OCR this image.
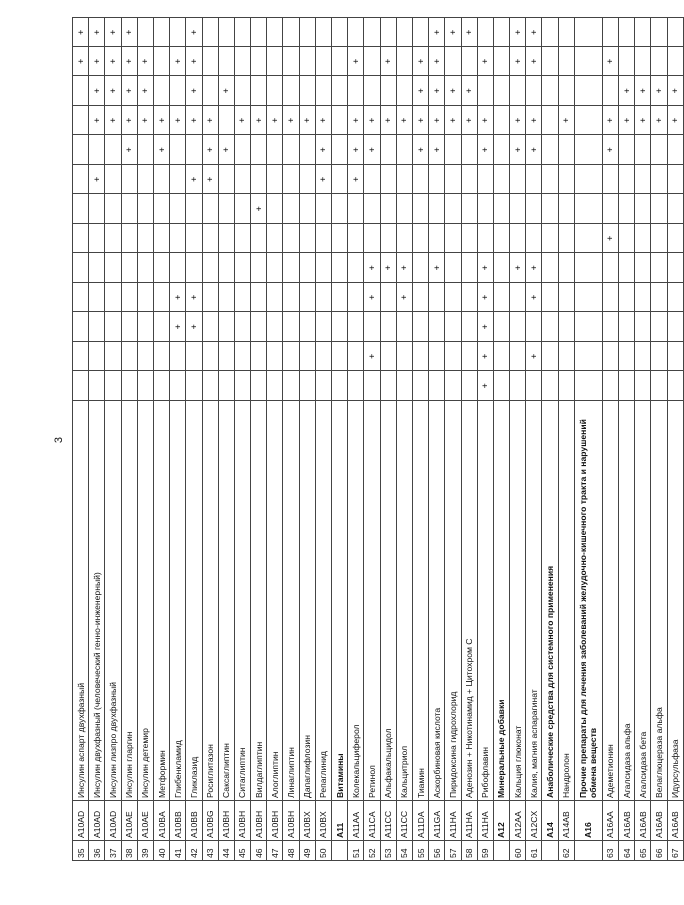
3
35	A10AD	Инсулин аспарт двухфазный												+	+
36	A10AD	Инсулин двухфазный (человеческий генно-инженерный)								+		+	+	+	+
37	A10AD	Инсулин лизпро двухфазный										+	+	+	+
38	A10AE	Инсулин гларгин									+	+	+	+	+
39	A10AE	Инсулин детемир										+	+	+	
40	A10BA	Метформин									+	+			
41	A10BB	Глибенкламид			+	+						+		+	
42	A10BB	Гликлазид			+	+				+		+	+	+	+
43	A10BG	Росиглитазон								+	+	+			
44	A10BH	Саксаглиптин									+		+		
45	A10BH	Ситаглиптин										+			
46	A10BH	Вилдаглиптин							+			+			
47	A10BH	Алоглиптин										+			
48	A10BH	Линаглиптин										+			
49	A10BX	Дапаглифлозин										+			
50	A10BX	Репаглинид								+	+	+			
	A11	Витамины													
51	A11AA	Колекальциферол								+	+	+		+	
52	A11CA	Ретинол		+		+	+				+	+			
53	A11CC	Альфакальцидол					+					+		+	
54	A11CC	Кальцитриол				+	+					+			
55	A11DA	Тиамин									+	+	+	+	
56	A11GA	Аскорбиновая кислота					+				+	+	+	+	+
57	A11HA	Пиридоксина гидрохлорид										+	+		+
58	A11HA	Аденозин + Никотинамид + Цитохром С										+	+		+
59	A11HA	Рибофлавин	+	+	+	+	+				+	+		+	
	A12	Минеральные добавки													
60	A12AA	Кальция глюконат					+				+	+		+	+
61	A12CX	Калия, магния аспарагинат		+		+	+				+	+		+	+
	A14	Анаболические средства для системного применения													
62	A14AB	Нандролон										+			
	A16	Прочие препараты для лечения заболеваний желудочно-кишечного тракта и нарушений обмена веществ													
63	A16AA	Адеметионин						+			+	+		+	
64	A16AB	Агалсидаза альфа										+	+		
65	A16AB	Агалсидаза бета										+	+		
66	A16AB	Велаглюцераза альфа										+	+		
67	A16AB	Идурсульфаза										+	+		
